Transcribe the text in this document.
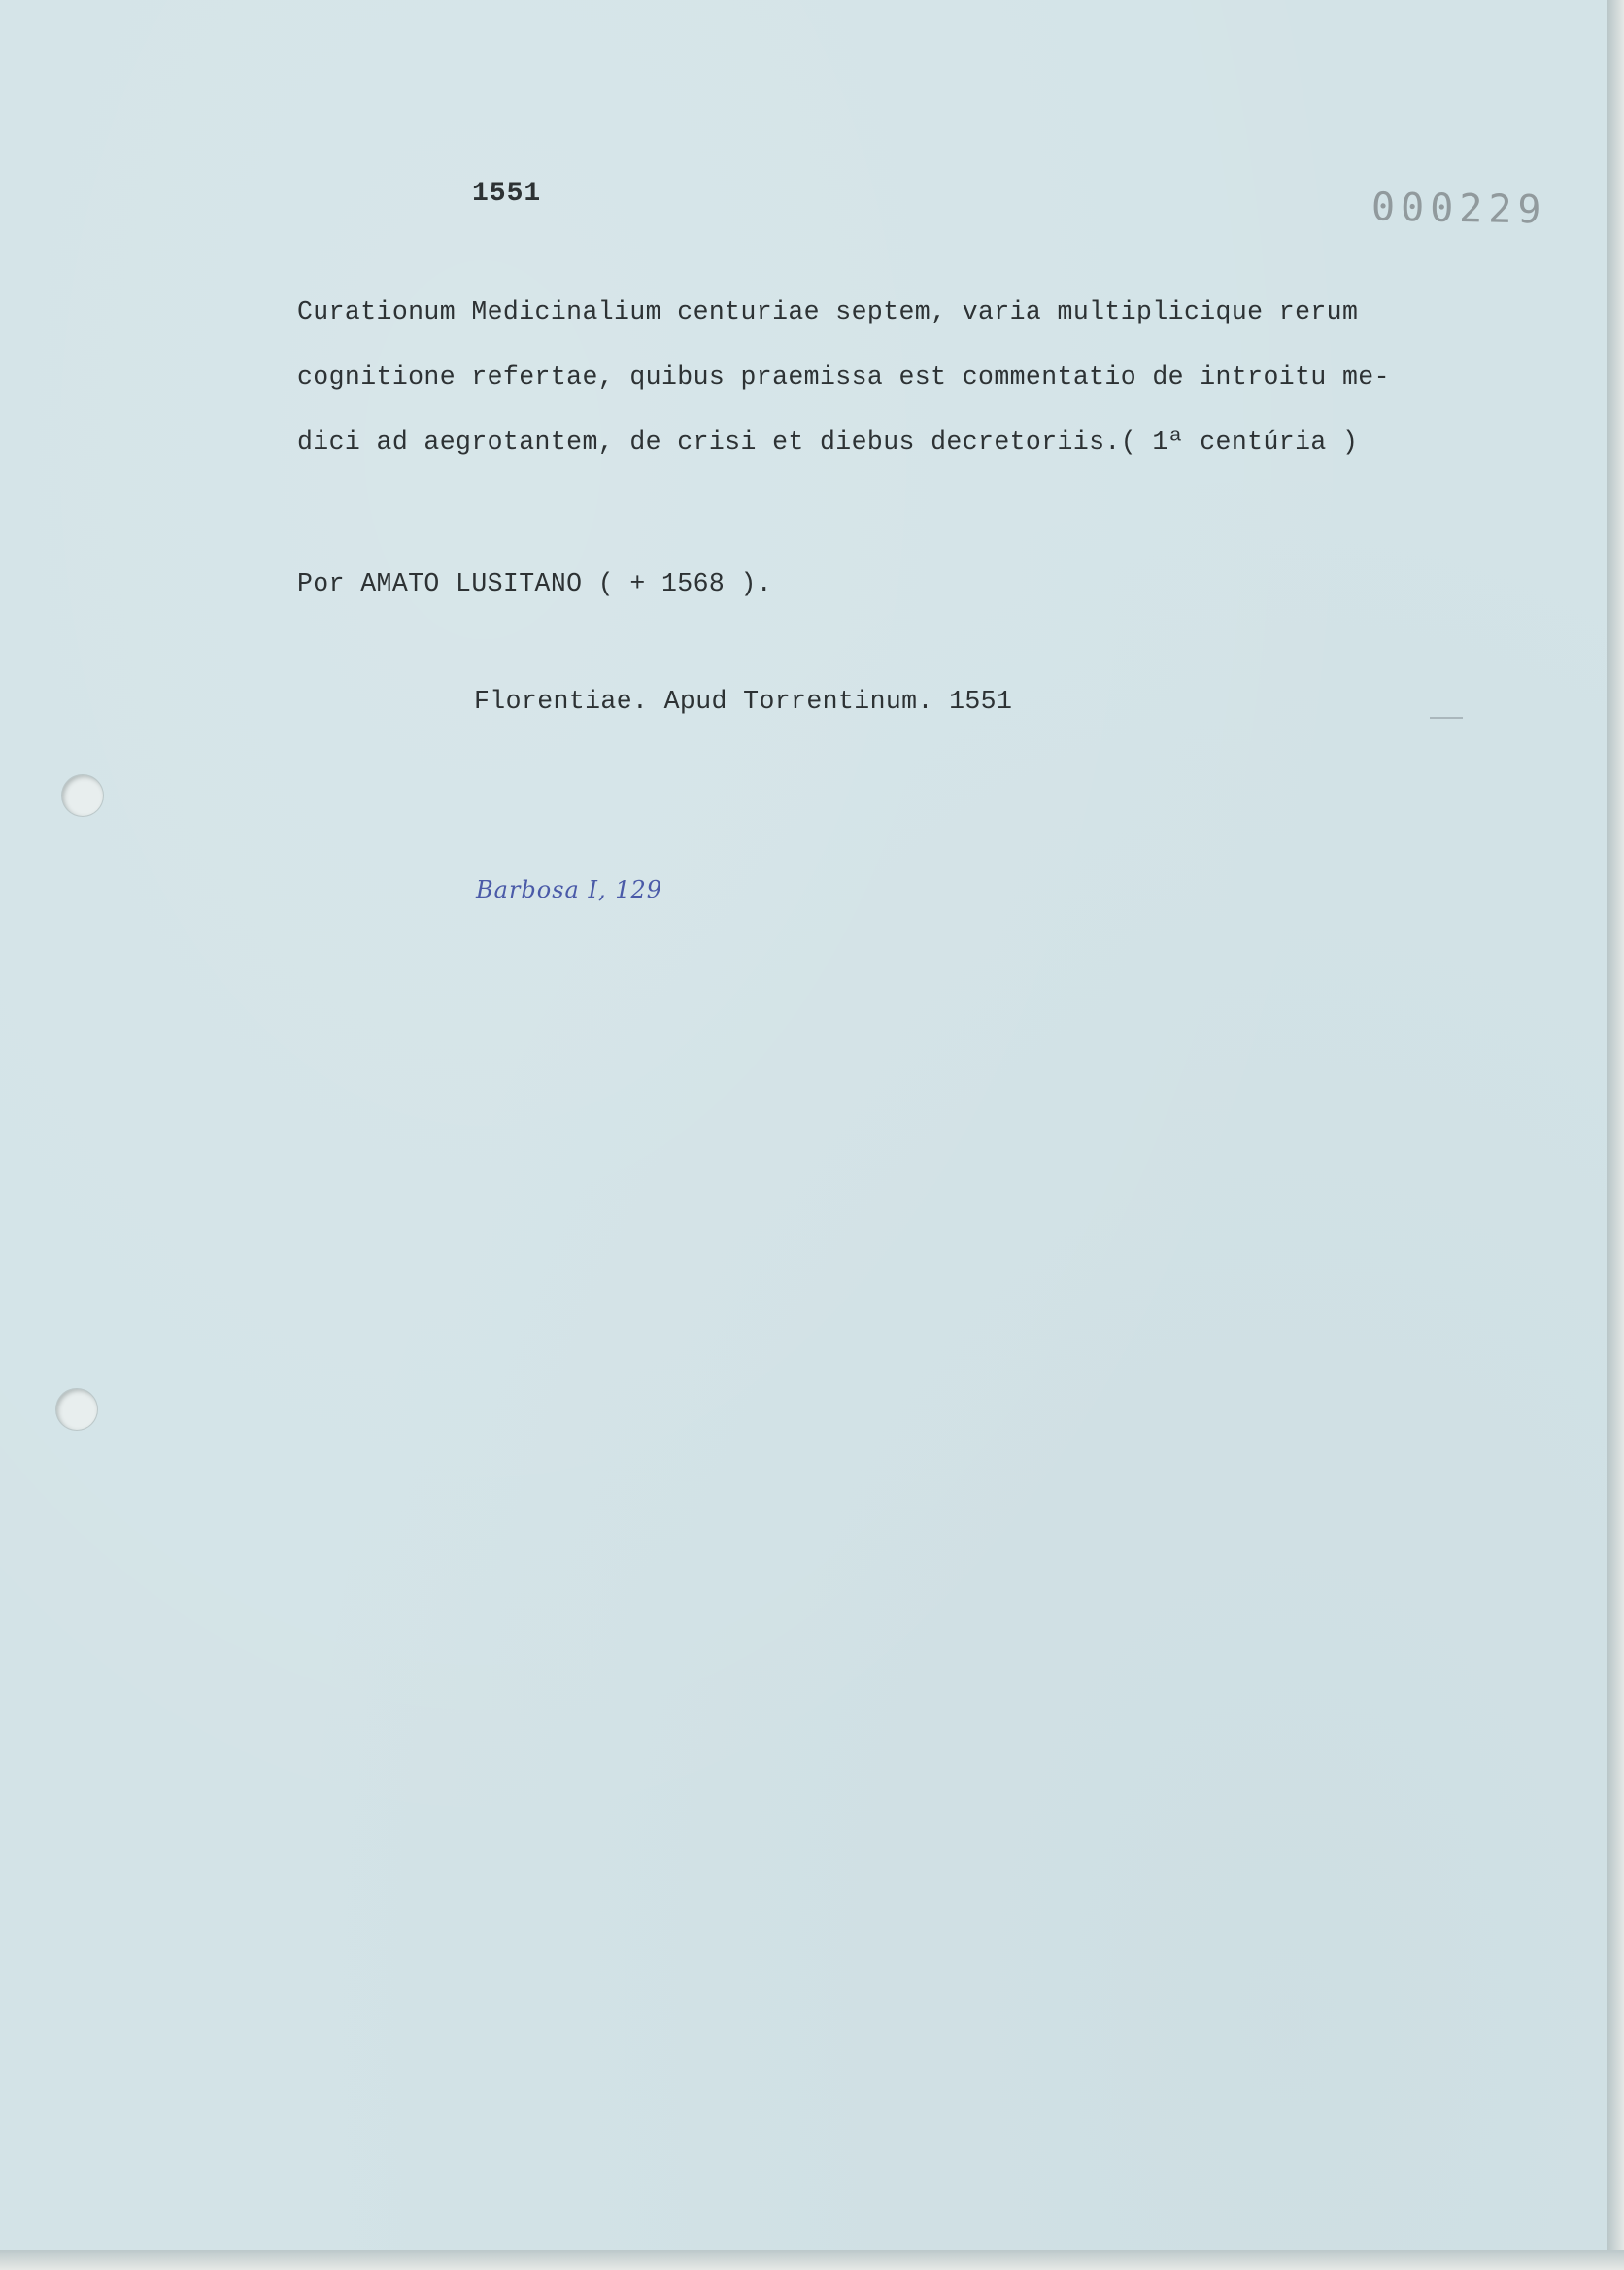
1551	000229
Curationum Medicinalium centuriae septem, varia multiplicique rerum
cognitione refertae, quibus praemissa est commentatio de introitu me-
dici ad aegrotantem, de crisi et diebus decretoriis.( 1ª centúria )
Por AMATO LUSITANO ( + 1568 ).
Florentiae. Apud Torrentinum. 1551
Barbosa I, 129
